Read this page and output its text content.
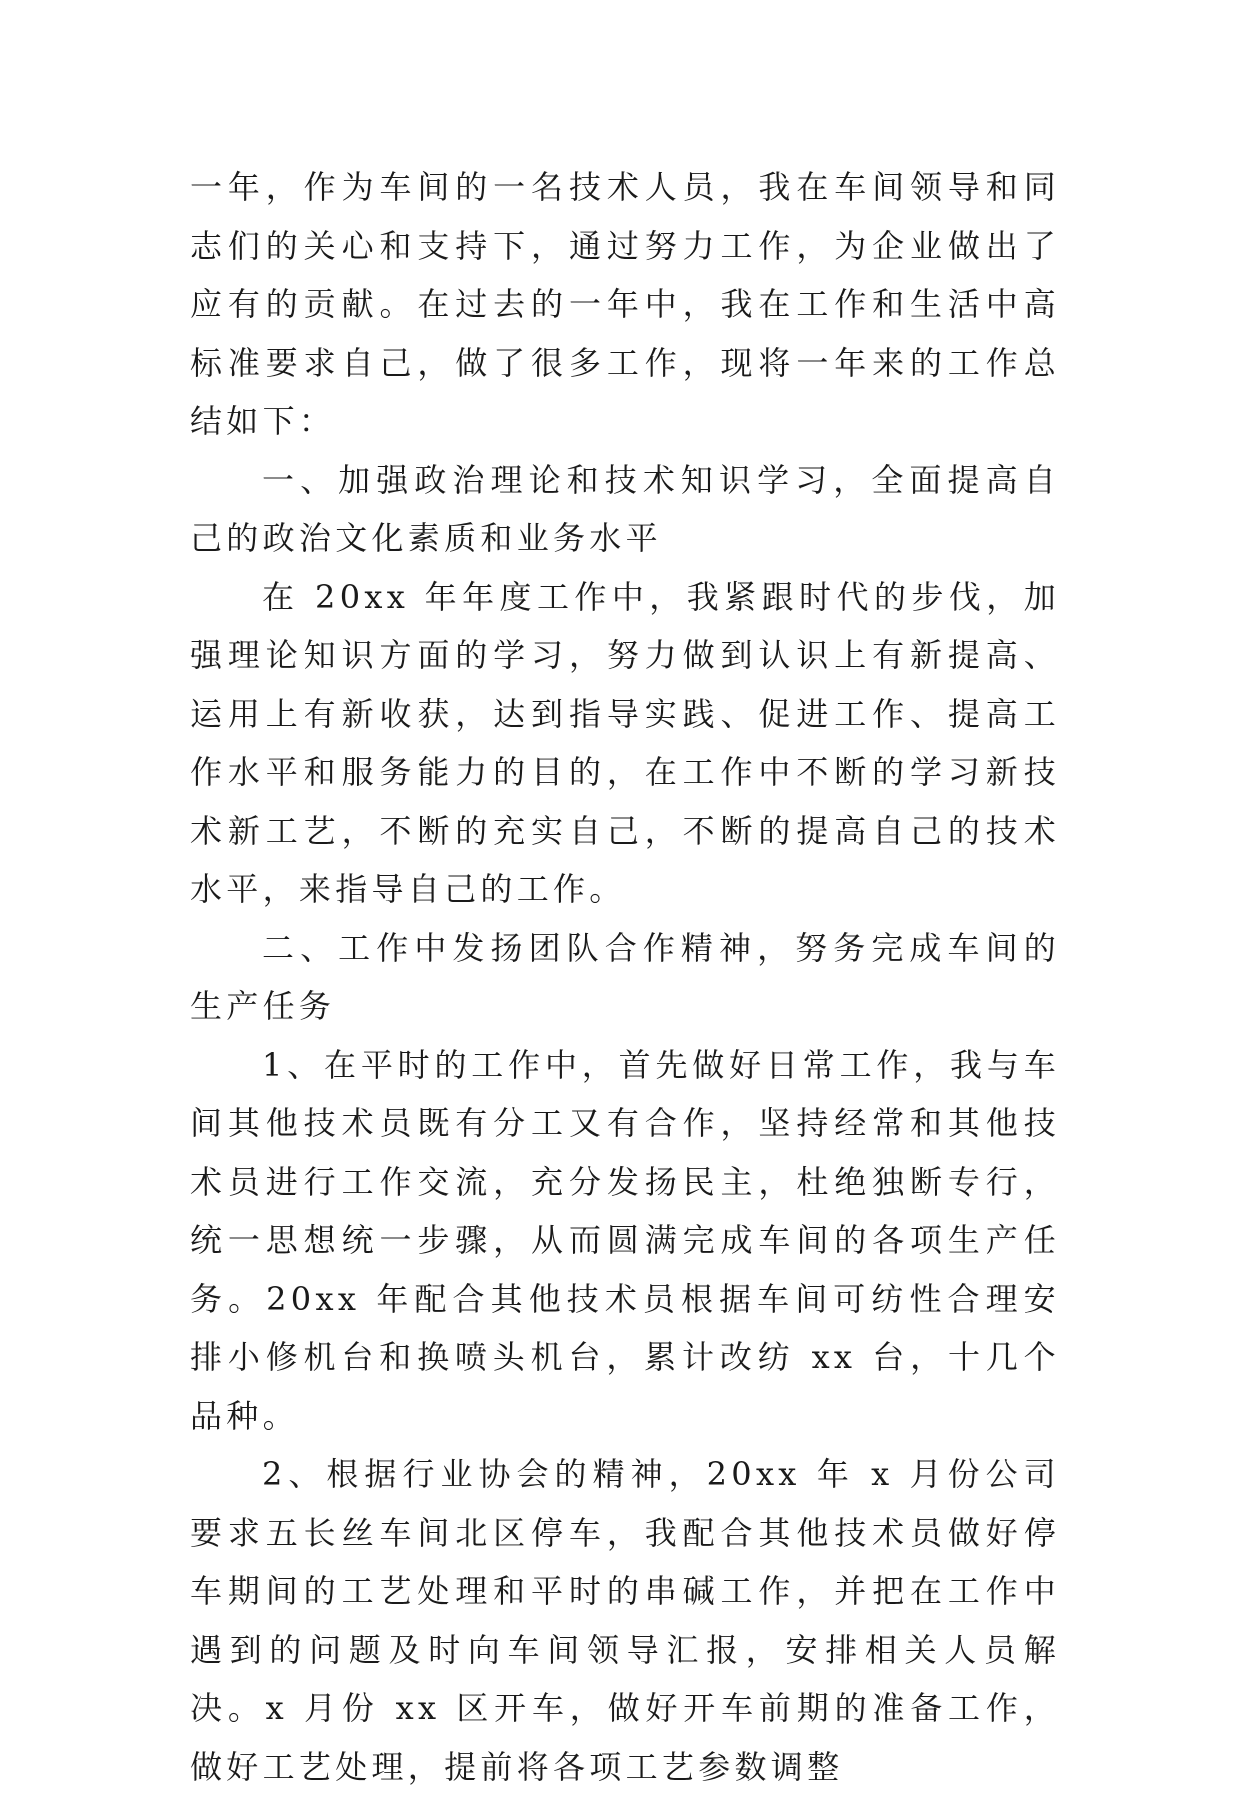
一年，作为车间的一名技术人员，我在车间领导和同志们的关心和支持下，通过努力工作，为企业做出了应有的贡献。在过去的一年中，我在工作和生活中高标准要求自己，做了很多工作，现将一年来的工作总结如下：

一、加强政治理论和技术知识学习，全面提高自己的政治文化素质和业务水平

在 20xx 年年度工作中，我紧跟时代的步伐，加强理论知识方面的学习，努力做到认识上有新提高、运用上有新收获，达到指导实践、促进工作、提高工作水平和服务能力的目的，在工作中不断的学习新技术新工艺，不断的充实自己，不断的提高自己的技术水平，来指导自己的工作。

二、工作中发扬团队合作精神，努务完成车间的生产任务

1、在平时的工作中，首先做好日常工作，我与车间其他技术员既有分工又有合作，坚持经常和其他技术员进行工作交流，充分发扬民主，杜绝独断专行，统一思想统一步骤，从而圆满完成车间的各项生产任务。20xx 年配合其他技术员根据车间可纺性合理安排小修机台和换喷头机台，累计改纺 xx 台，十几个品种。

2、根据行业协会的精神，20xx 年 x 月份公司要求五长丝车间北区停车，我配合其他技术员做好停车期间的工艺处理和平时的串碱工作，并把在工作中遇到的问题及时向车间领导汇报，安排相关人员解决。x 月份 xx 区开车，做好开车前期的准备工作，做好工艺处理，提前将各项工艺参数调整
